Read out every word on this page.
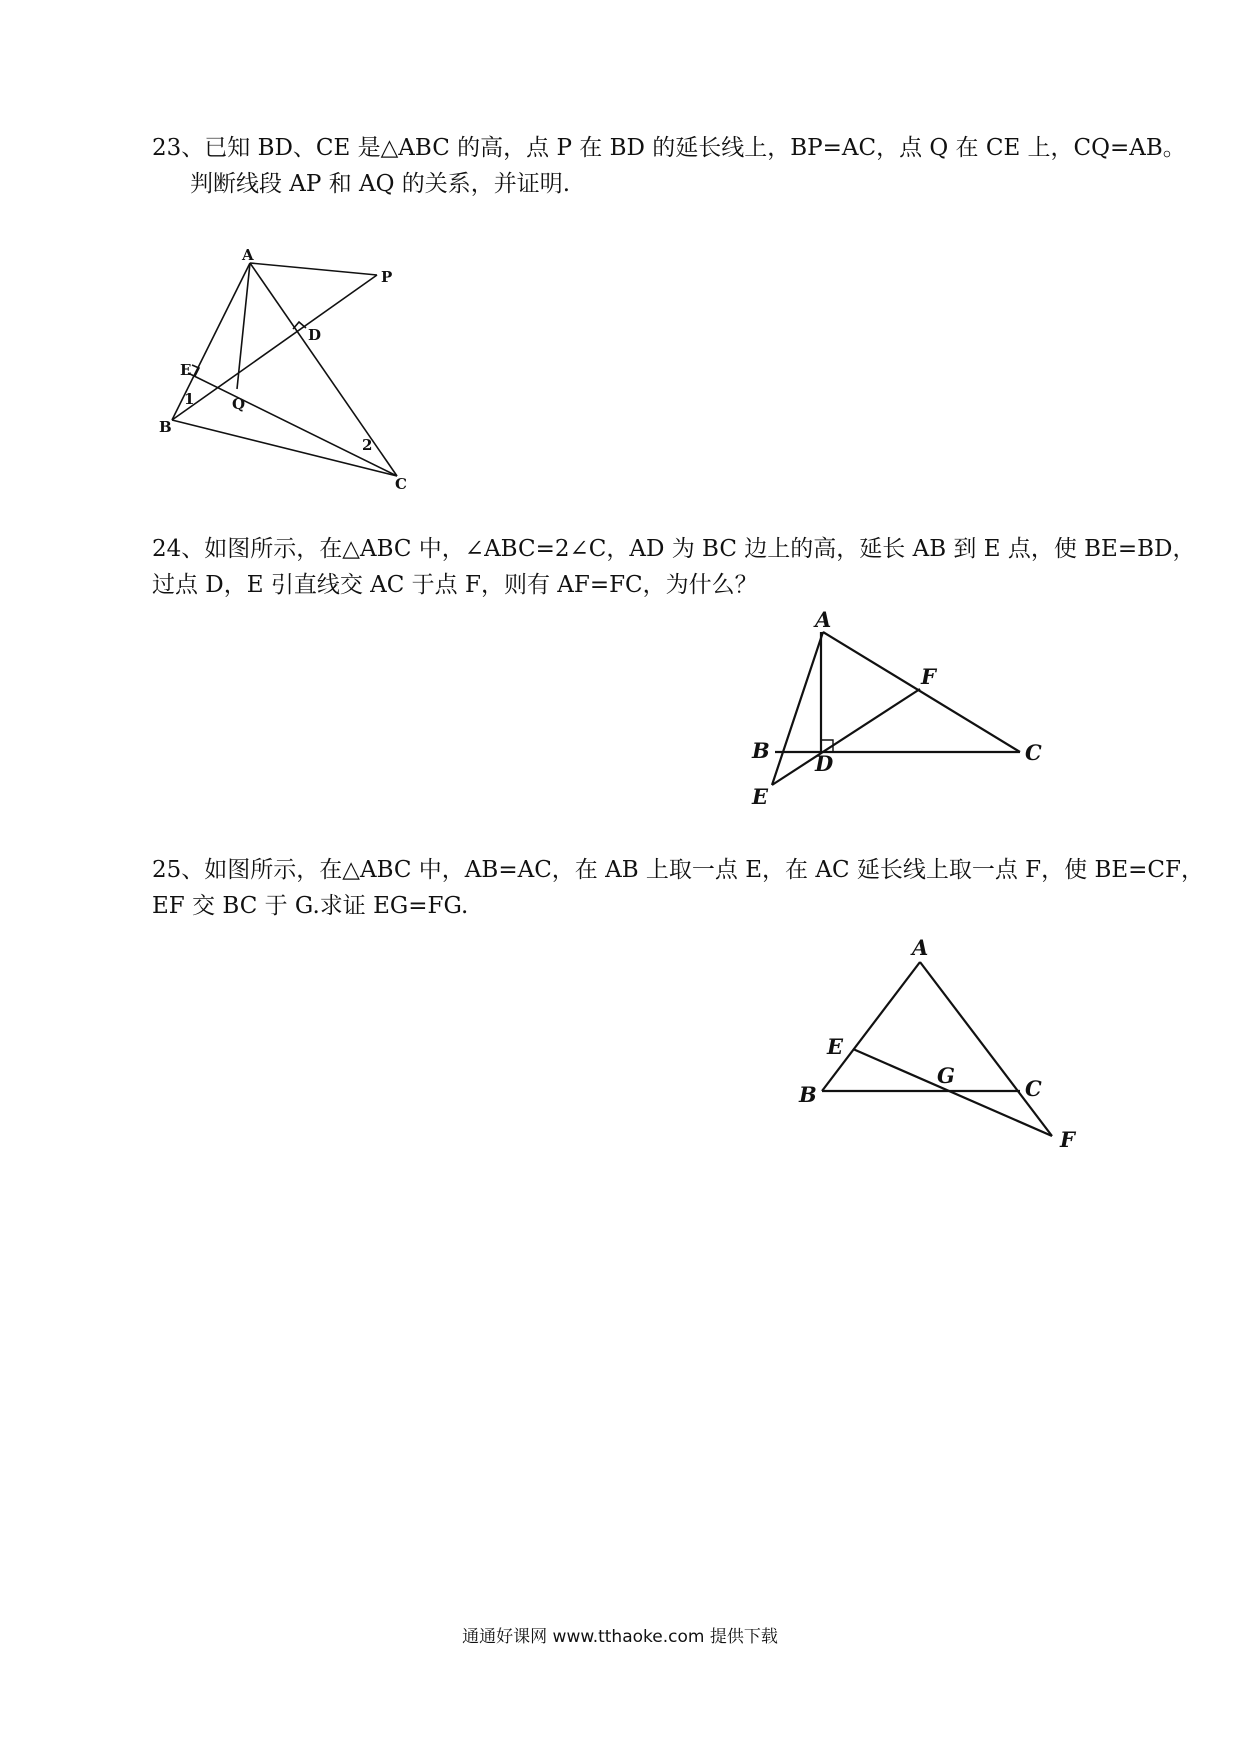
23、已知 BD、CE 是△ABC 的高，点 P 在 BD 的延长线上，BP=AC，点 Q 在 CE 上，CQ=AB。
判断线段 AP 和 AQ 的关系，并证明.
A
P
D
E
1
B
Q
2
C
24、如图所示，在△ABC 中，∠ABC=2∠C，AD 为 BC 边上的高，延长 AB 到 E 点，使 BE=BD，
过点 D，E 引直线交 AC 于点 F，则有 AF=FC，为什么？
A
F
B
D	C
E
25、如图所示，在△ABC 中，AB=AC，在 AB 上取一点 E，在 AC 延长线上取一点 F，使 BE=CF，
EF 交 BC 于 G.求证 EG=FG.
A
E
G
B	C
F
通通好课网 www.tthaoke.com 提供下载
